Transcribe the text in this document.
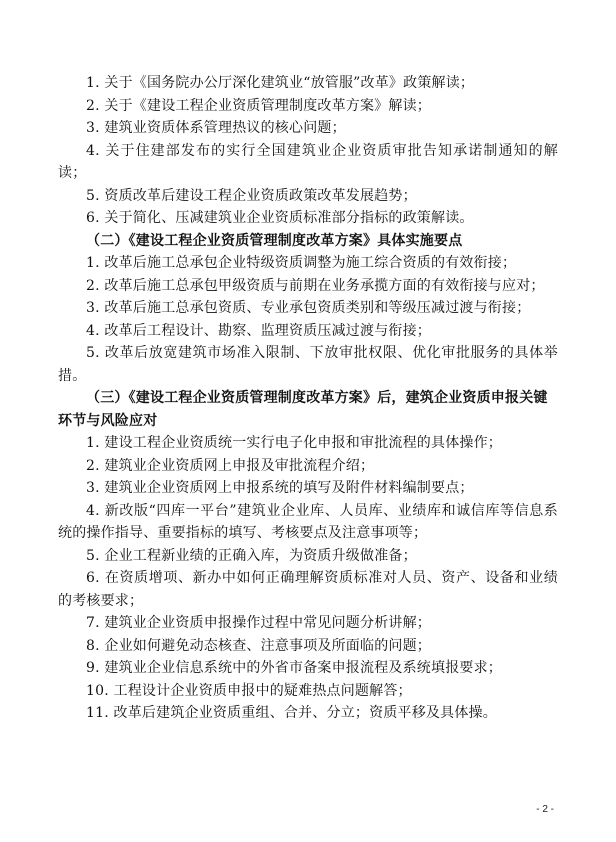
1. 关于《国务院办公厅深化建筑业“放管服”改革》政策解读；

2. 关于《建设工程企业资质管理制度改革方案》解读；

3. 建筑业资质体系管理热议的核心问题；

4. 关于住建部发布的实行全国建筑业企业资质审批告知承诺制通知的解读；

5. 资质改革后建设工程企业资质政策改革发展趋势；

6. 关于简化、压减建筑业企业资质标准部分指标的政策解读。

（二）《建设工程企业资质管理制度改革方案》具体实施要点

1. 改革后施工总承包企业特级资质调整为施工综合资质的有效衔接；

2. 改革后施工总承包甲级资质与前期在业务承揽方面的有效衔接与应对；

3. 改革后施工总承包资质、专业承包资质类别和等级压减过渡与衔接；

4. 改革后工程设计、勘察、监理资质压减过渡与衔接；

5. 改革后放宽建筑市场准入限制、下放审批权限、优化审批服务的具体举措。

（三）《建设工程企业资质管理制度改革方案》后，建筑企业资质申报关键环节与风险应对

1. 建设工程企业资质统一实行电子化申报和审批流程的具体操作；

2. 建筑业企业资质网上申报及审批流程介绍；

3. 建筑业企业资质网上申报系统的填写及附件材料编制要点；

4. 新改版“四库一平台”建筑业企业库、人员库、业绩库和诚信库等信息系统的操作指导、重要指标的填写、考核要点及注意事项等；

5. 企业工程新业绩的正确入库，为资质升级做准备；

6. 在资质增项、新办中如何正确理解资质标准对人员、资产、设备和业绩的考核要求；

7. 建筑业企业资质申报操作过程中常见问题分析讲解；

8. 企业如何避免动态核查、注意事项及所面临的问题；

9. 建筑业企业信息系统中的外省市备案申报流程及系统填报要求；

10. 工程设计企业资质申报中的疑难热点问题解答；

11. 改革后建筑企业资质重组、合并、分立；资质平移及具体操。

- 2 -
